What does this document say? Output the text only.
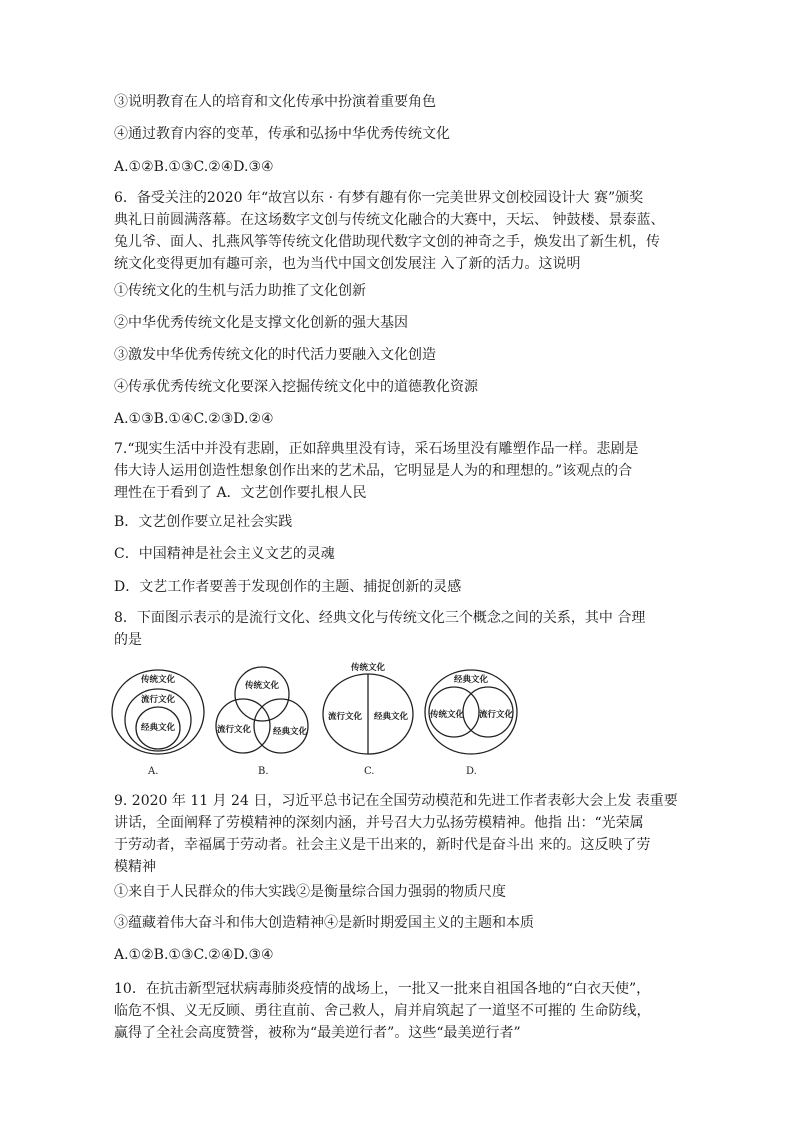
③说明教育在人的培育和文化传承中扮演着重要角色
④通过教育内容的变革，传承和弘扬中华优秀传统文化
A.①②B.①③C.②④D.③④
6．备受关注的2020 年“故宫以东 · 有梦有趣有你一完美世界文创校园设计大 赛”颁奖
典礼日前圆满落幕。在这场数字文创与传统文化融合的大赛中，天坛、 钟鼓楼、景泰蓝、
兔儿爷、面人、扎燕风筝等传统文化借助现代数字文创的神奇之手，焕发出了新生机，传
统文化变得更加有趣可亲，也为当代中国文创发展注 入了新的活力。这说明
①传统文化的生机与活力助推了文化创新
②中华优秀传统文化是支撑文化创新的强大基因
③激发中华优秀传统文化的时代活力要融入文化创造
④传承优秀传统文化要深入挖掘传统文化中的道德教化资源
A.①③B.①④C.②③D.②④
7.“现实生活中并没有悲剧，正如辞典里没有诗，采石场里没有雕塑作品一样。悲剧是
伟大诗人运用创造性想象创作出来的艺术品，它明显是人为的和理想的。”该观点的合
理性在于看到了 A．文艺创作要扎根人民
B．文艺创作要立足社会实践
C．中国精神是社会主义文艺的灵魂
D．文艺工作者要善于发现创作的主题、捕捉创新的灵感
8．下面图示表示的是流行文化、经典文化与传统文化三个概念之间的关系，其中 合理
的是
传统文化
流行文化
经典文化
A.
传统文化
流行文化	经典文化
B.
传统文化
流行文化 经典文化
C.
经典文化
传统文化 流行文化
D.
9. 2020 年 11 月 24 日，习近平总书记在全国劳动模范和先进工作者表彰大会上发 表重要
讲话，全面阐释了劳模精神的深刻内涵，并号召大力弘扬劳模精神。他指 出：“光荣属
于劳动者，幸福属于劳动者。社会主义是干出来的，新时代是奋斗出 来的。这反映了劳
模精神
①来自于人民群众的伟大实践②是衡量综合国力强弱的物质尺度
③蕴藏着伟大奋斗和伟大创造精神④是新时期爱国主义的主题和本质
A.①②B.①③C.②④D.③④
10．在抗击新型冠状病毒肺炎疫情的战场上，一批又一批来自祖国各地的“白衣天使”，
临危不惧、义无反顾、勇往直前、舍己救人，肩并肩筑起了一道坚不可摧的 生命防线，
赢得了全社会高度赞誉，被称为“最美逆行者”。这些“最美逆行者”
